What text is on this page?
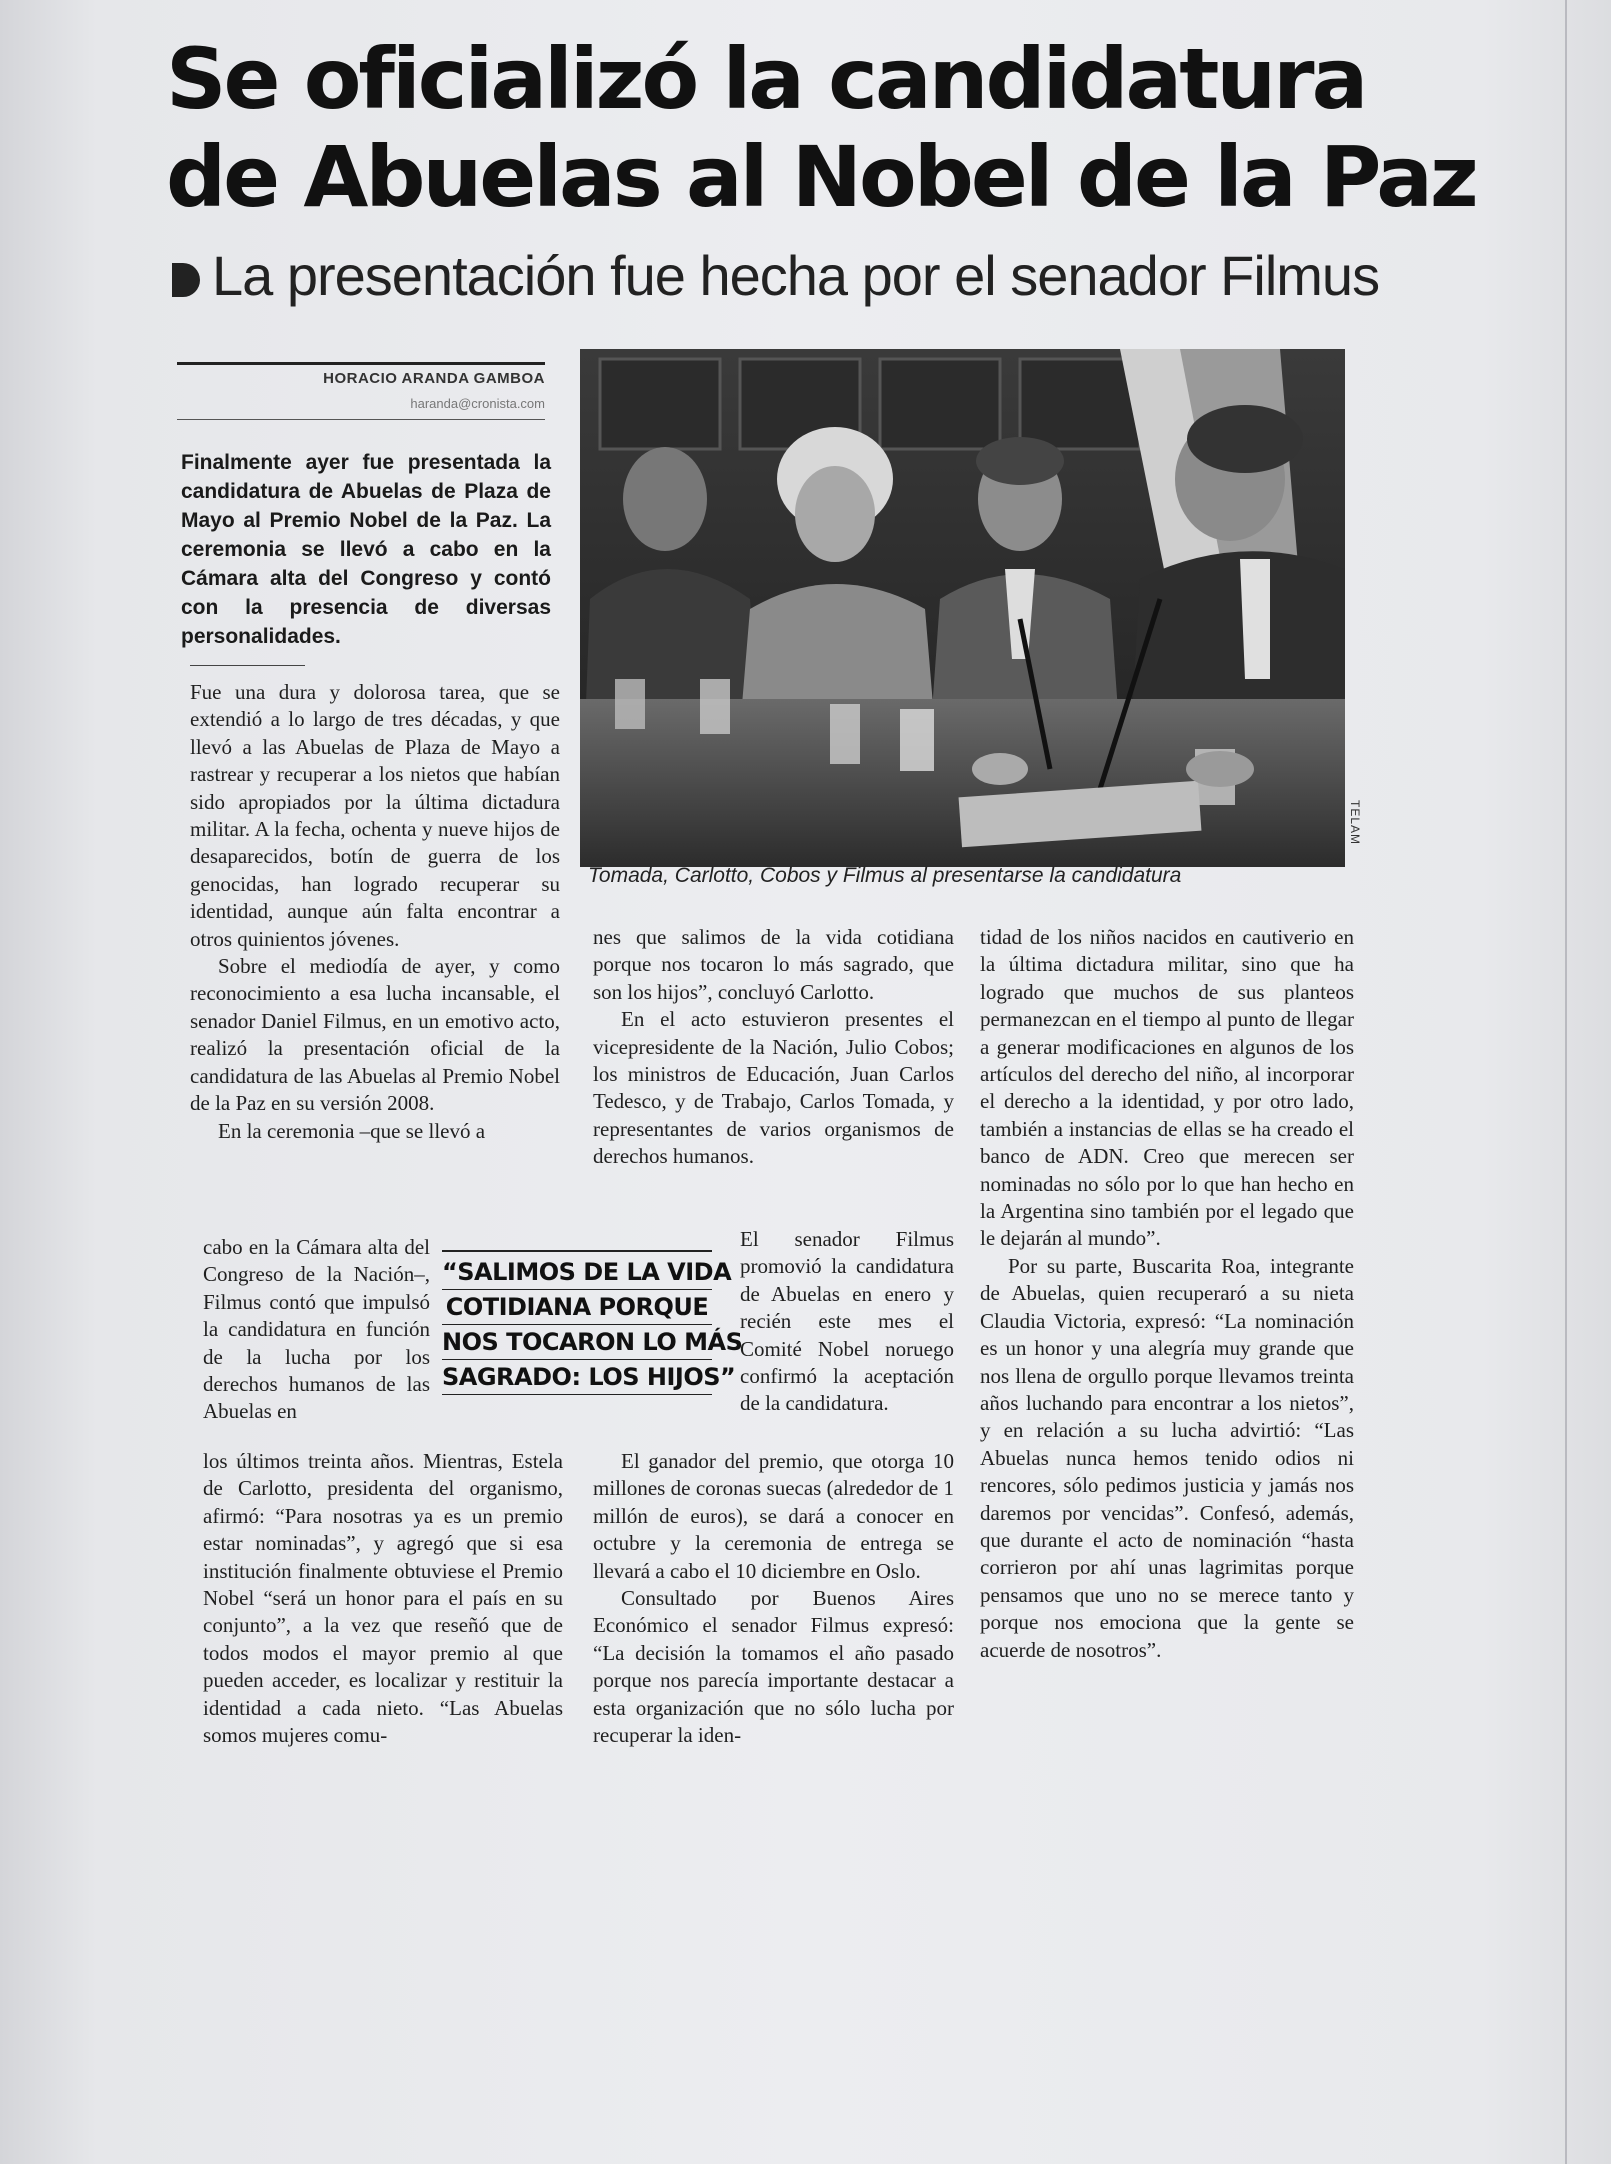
Se oficializó la candidatura
de Abuelas al Nobel de la Paz
La presentación fue hecha por el senador Filmus
HORACIO ARANDA GAMBOA
haranda@cronista.com

Finalmente ayer fue presentada la candidatura de Abuelas de Plaza de Mayo al Premio Nobel de la Paz. La ceremonia se llevó a cabo en la Cámara alta del Congreso y contó con la presencia de diversas personalidades.

TELAM
Tomada, Carlotto, Cobos y Filmus al presentarse la candidatura

Fue una dura y dolorosa tarea, que se extendió a lo largo de tres décadas, y que llevó a las Abuelas de Plaza de Mayo a rastrear y recuperar a los nietos que habían sido apropiados por la última dictadura militar. A la fecha, ochenta y nueve hijos de desaparecidos, botín de guerra de los genocidas, han logrado recuperar su identidad, aunque aún falta encontrar a otros quinientos jóvenes.

Sobre el mediodía de ayer, y como reconocimiento a esa lucha incansable, el senador Daniel Filmus, en un emotivo acto, realizó la presentación oficial de la candidatura de las Abuelas al Premio Nobel de la Paz en su versión 2008.

En la ceremonia –que se llevó a

cabo en la Cámara alta del Congreso de la Nación–, Filmus contó que impulsó la candidatura en función de la lucha por los derechos humanos de las Abuelas en

“SALIMOS DE LA VIDA
COTIDIANA PORQUE
NOS TOCARON LO MÁS
SAGRADO: LOS HIJOS”

los últimos treinta años. Mientras, Estela de Carlotto, presidenta del organismo, afirmó: “Para nosotras ya es un premio estar nominadas”, y agregó que si esa institución finalmente obtuviese el Premio Nobel “será un honor para el país en su conjunto”, a la vez que reseñó que de todos modos el mayor premio al que pueden acceder, es localizar y restituir la identidad a cada nieto. “Las Abuelas somos mujeres comu-

nes que salimos de la vida cotidiana porque nos tocaron lo más sagrado, que son los hijos”, concluyó Carlotto.

En el acto estuvieron presentes el vicepresidente de la Nación, Julio Cobos; los ministros de Educación, Juan Carlos Tedesco, y de Trabajo, Carlos Tomada, y representantes de varios organismos de derechos humanos.

El senador Filmus promovió la candidatura de Abuelas en enero y recién este mes el Comité Nobel noruego confirmó la aceptación de la candidatura.

El ganador del premio, que otorga 10 millones de coronas suecas (alrededor de 1 millón de euros), se dará a conocer en octubre y la ceremonia de entrega se llevará a cabo el 10 diciembre en Oslo.

Consultado por Buenos Aires Económico el senador Filmus expresó: “La decisión la tomamos el año pasado porque nos parecía importante destacar a esta organización que no sólo lucha por recuperar la iden-

tidad de los niños nacidos en cautiverio en la última dictadura militar, sino que ha logrado que muchos de sus planteos permanezcan en el tiempo al punto de llegar a generar modificaciones en algunos de los artículos del derecho del niño, al incorporar el derecho a la identidad, y por otro lado, también a instancias de ellas se ha creado el banco de ADN. Creo que merecen ser nominadas no sólo por lo que han hecho en la Argentina sino también por el legado que le dejarán al mundo”.

Por su parte, Buscarita Roa, integrante de Abuelas, quien recuperaró a su nieta Claudia Victoria, expresó: “La nominación es un honor y una alegría muy grande que nos llena de orgullo porque llevamos treinta años luchando para encontrar a los nietos”, y en relación a su lucha advirtió: “Las Abuelas nunca hemos tenido odios ni rencores, sólo pedimos justicia y jamás nos daremos por vencidas”. Confesó, además, que durante el acto de nominación “hasta corrieron por ahí unas lagrimitas porque pensamos que uno no se merece tanto y porque nos emociona que la gente se acuerde de nosotros”.
